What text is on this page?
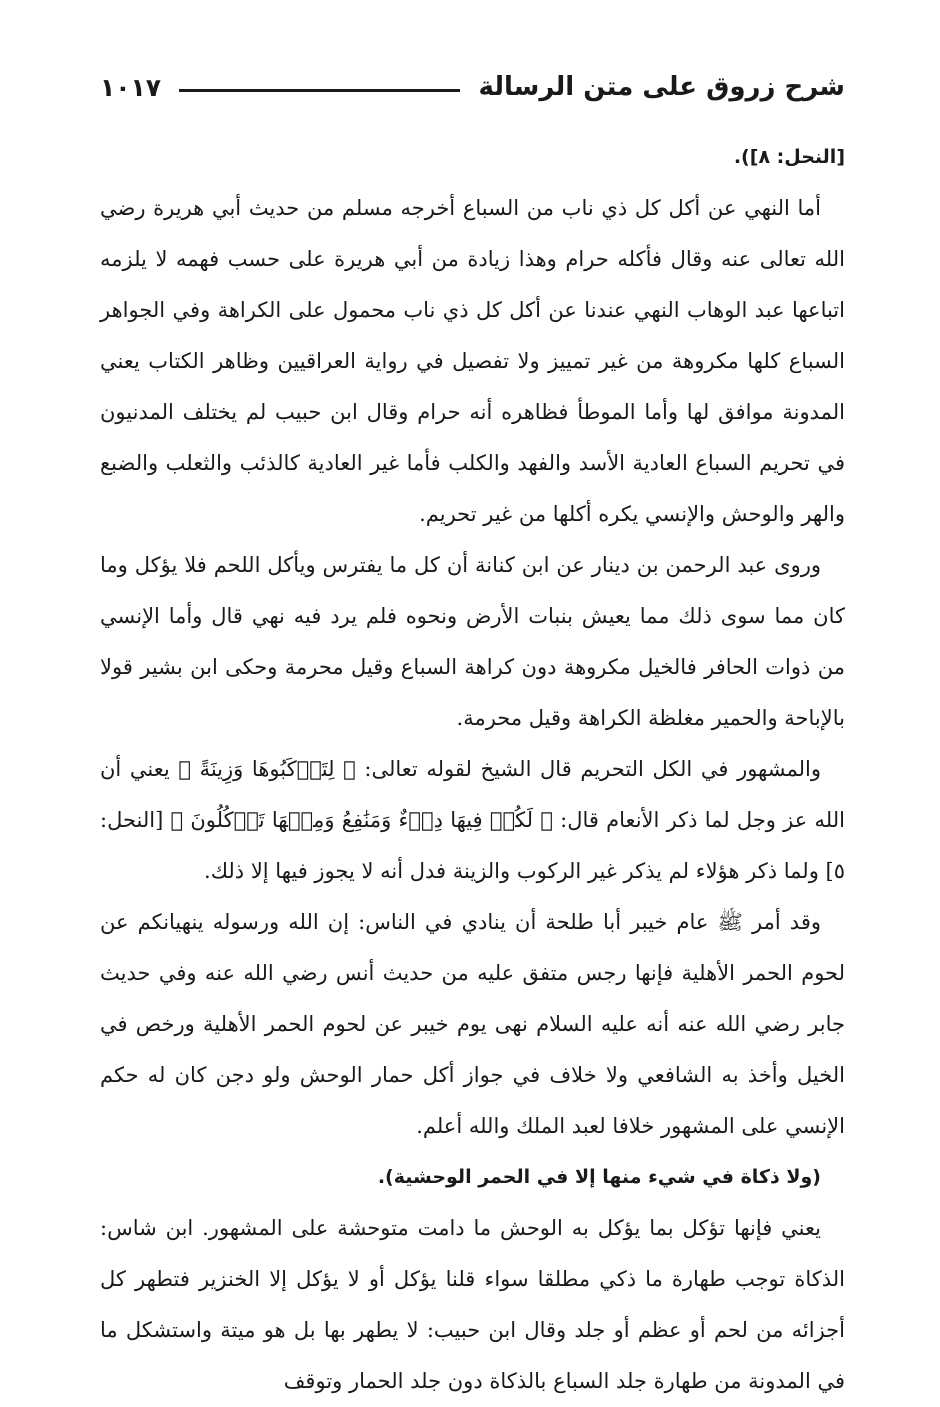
شرح زروق على متن الرسالة
١٠١٧

[النحل: ٨]).

أما النهي عن أكل كل ذي ناب من السباع أخرجه مسلم من حديث أبي هريرة رضي الله تعالى عنه وقال فأكله حرام وهذا زيادة من أبي هريرة على حسب فهمه لا يلزمه اتباعها عبد الوهاب النهي عندنا عن أكل كل ذي ناب محمول على الكراهة وفي الجواهر السباع كلها مكروهة من غير تمييز ولا تفصيل في رواية العراقيين وظاهر الكتاب يعني المدونة موافق لها وأما الموطأ فظاهره أنه حرام وقال ابن حبيب لم يختلف المدنيون في تحريم السباع العادية الأسد والفهد والكلب فأما غير العادية كالذئب والثعلب والضبع والهر والوحش والإنسي يكره أكلها من غير تحريم.

وروى عبد الرحمن بن دينار عن ابن كنانة أن كل ما يفترس ويأكل اللحم فلا يؤكل وما كان مما سوى ذلك مما يعيش بنبات الأرض ونحوه فلم يرد فيه نهي قال وأما الإنسي من ذوات الحافر فالخيل مكروهة دون كراهة السباع وقيل محرمة وحكى ابن بشير قولا بالإباحة والحمير مغلظة الكراهة وقيل محرمة.

والمشهور في الكل التحريم قال الشيخ لقوله تعالى: ﴿ لِتَرۡكَبُوهَا وَزِينَةً ﴾ يعني أن الله عز وجل لما ذكر الأنعام قال: ﴿ لَكُمۡ فِيهَا دِفۡءٌ وَمَنَٰفِعُ وَمِنۡهَا تَأۡكُلُونَ ﴾ [النحل: ٥] ولما ذكر هؤلاء لم يذكر غير الركوب والزينة فدل أنه لا يجوز فيها إلا ذلك.

وقد أمر ﷺ عام خيبر أبا طلحة أن ينادي في الناس: إن الله ورسوله ينهيانكم عن لحوم الحمر الأهلية فإنها رجس متفق عليه من حديث أنس رضي الله عنه وفي حديث جابر رضي الله عنه أنه عليه السلام نهى يوم خيبر عن لحوم الحمر الأهلية ورخص في الخيل وأخذ به الشافعي ولا خلاف في جواز أكل حمار الوحش ولو دجن كان له حكم الإنسي على المشهور خلافا لعبد الملك والله أعلم.

(ولا ذكاة في شيء منها إلا في الحمر الوحشية).

يعني فإنها تؤكل بما يؤكل به الوحش ما دامت متوحشة على المشهور. ابن شاس: الذكاة توجب طهارة ما ذكي مطلقا سواء قلنا يؤكل أو لا يؤكل إلا الخنزير فتطهر كل أجزائه من لحم أو عظم أو جلد وقال ابن حبيب: لا يطهر بها بل هو ميتة واستشكل ما في المدونة من طهارة جلد السباع بالذكاة دون جلد الحمار وتوقف
